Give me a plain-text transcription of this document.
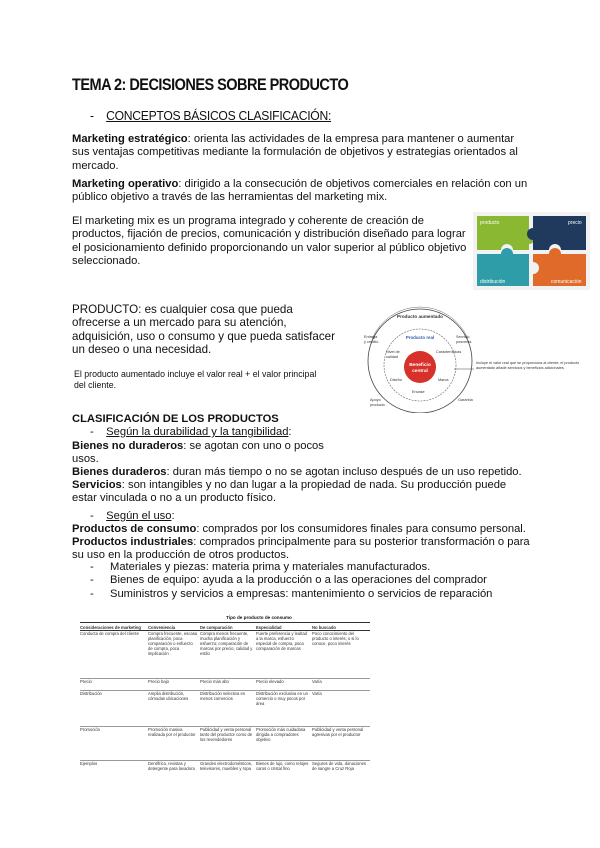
TEMA 2: DECISIONES SOBRE PRODUCTO
- CONCEPTOS BÁSICOS CLASIFICACIÓN:
Marketing estratégico: orienta las actividades de la empresa para mantener o aumentar sus ventajas competitivas mediante la formulación de objetivos y estrategias orientados al mercado.
Marketing operativo: dirigido a la consecución de objetivos comerciales en relación con un público objetivo a través de las herramientas del marketing mix.
El marketing mix es un programa integrado y coherente de creación de productos, fijación de precios, comunicación y distribución diseñado para lograr el posicionamiento definido proporcionando un valor superior al público objetivo seleccionado.
producto	precio
distribución	comunicación
PRODUCTO: es cualquier cosa que pueda ofrecerse a un mercado para su atención, adquisición, uso o consumo y que pueda satisfacer un deseo o una necesidad.
El producto aumentado incluye el valor real + el valor principal del cliente.
Producto aumentado
Producto real
Beneficio
central
Entrega
y crédito
Servicio
posventa
Nivel de
calidad
Características
Diseño
Envase
Marca
Garantía
Apoyo
producto
Incluye el valor real que se proporciona al cliente; el producto aumentado añade servicios y beneficios adicionales.
CLASIFICACIÓN DE LOS PRODUCTOS
- Según la durabilidad y la tangibilidad:
Bienes no duraderos: se agotan con uno o pocos usos.
Bienes duraderos: duran más tiempo o no se agotan incluso después de un uso repetido.
Servicios: son intangibles y no dan lugar a la propiedad de nada. Su producción puede estar vinculada o no a un producto físico.
- Según el uso:
Productos de consumo: comprados por los consumidores finales para consumo personal.
Productos industriales: comprados principalmente para su posterior transformación o para su uso en la producción de otros productos.
- Materiales y piezas: materia prima y materiales manufacturados.
- Bienes de equipo: ayuda a la producción o a las operaciones del comprador
- Suministros y servicios a empresas: mantenimiento o servicios de reparación
Tipo de producto de consumo
Consideraciones de marketing	Conveniencia	De comparación	Especialidad	No buscado
Conducta de compra del cliente	Compra frecuente, escasa planificación, poca comparación o esfuerzo de compra, poca implicación	Compra menos frecuente, mucha planificación y esfuerzo; comparación de marcas por precio, calidad y estilo	Fuerte preferencia y lealtad a la marca, esfuerzo especial de compra, poca comparación de marcas	Poco conocimiento del producto o interés; o si lo conoce, poco interés
Precio	Precio bajo	Precio más alto	Precio elevado	Varía
Distribución	Amplia distribución, cómodas ubicaciones	Distribución selectiva en menos comercios	Distribución exclusiva en un comercio o muy pocos por área	Varía
Promoción	Promoción masiva realizada por el productor	Publicidad y venta personal tanto del productor como de los revendedores	Promoción más cuidadosa dirigida a compradores objetivo	Publicidad y venta personal agresivas por el productor
Ejemplos	Dentífrico, revistas y detergente para lavadora	Grandes electrodomésticos, televisores, muebles y ropa	Bienes de lujo, como relojes caros o cristal fino	Seguros de vida, donaciones de sangre a Cruz Roja
